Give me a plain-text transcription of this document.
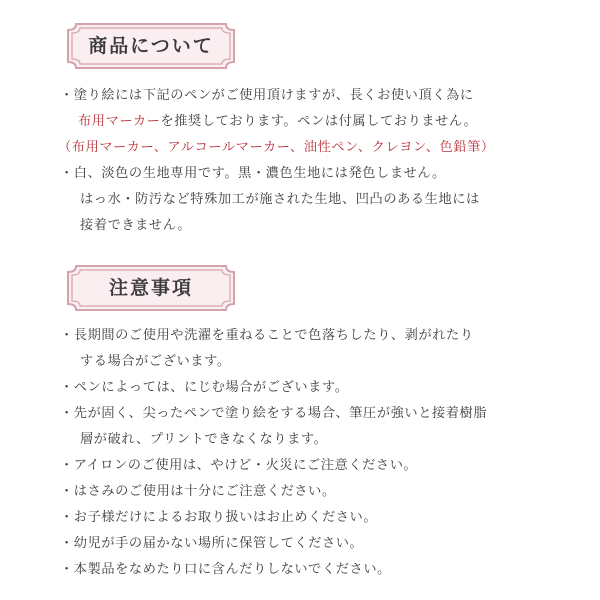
商品について
・塗り絵には下記のペンがご使用頂けますが、長くお使い頂く為に
布用マーカーを推奨しております。ペンは付属しておりません。
（布用マーカー、アルコールマーカー、油性ペン、クレヨン、色鉛筆）
・白、淡色の生地専用です。黒・濃色生地には発色しません。
はっ水・防汚など特殊加工が施された生地、凹凸のある生地には
接着できません。
注意事項
・長期間のご使用や洗濯を重ねることで色落ちしたり、剥がれたり
する場合がございます。
・ペンによっては、にじむ場合がございます。
・先が固く、尖ったペンで塗り絵をする場合、筆圧が強いと接着樹脂
層が破れ、プリントできなくなります。
・アイロンのご使用は、やけど・火災にご注意ください。
・はさみのご使用は十分にご注意ください。
・お子様だけによるお取り扱いはお止めください。
・幼児が手の届かない場所に保管してください。
・本製品をなめたり口に含んだりしないでください。
